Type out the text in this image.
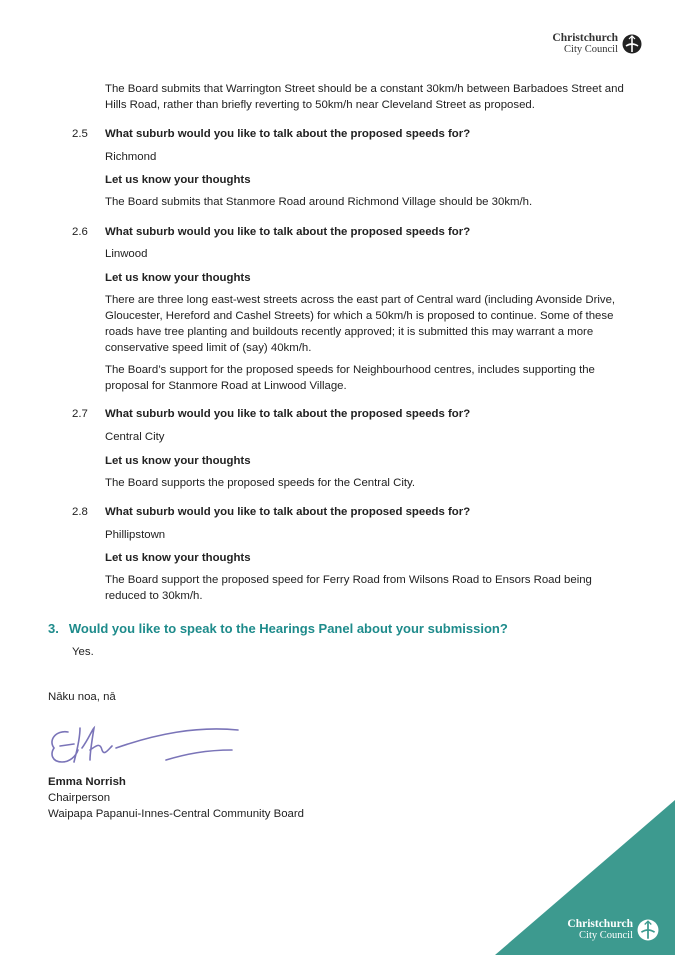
Christchurch
City Council

The Board submits that Warrington Street should be a constant 30km/h between Barbadoes Street and Hills Road, rather than briefly reverting to 50km/h near Cleveland Street as proposed.

2.5 What suburb would you like to talk about the proposed speeds for?

Richmond

Let us know your thoughts

The Board submits that Stanmore Road around Richmond Village should be 30km/h.

2.6 What suburb would you like to talk about the proposed speeds for?

Linwood

Let us know your thoughts

There are three long east-west streets across the east part of Central ward (including Avonside Drive, Gloucester, Hereford and Cashel Streets) for which a 50km/h is proposed to continue. Some of these roads have tree planting and buildouts recently approved; it is submitted this may warrant a more conservative speed limit of (say) 40km/h.

The Board’s support for the proposed speeds for Neighbourhood centres, includes supporting the proposal for Stanmore Road at Linwood Village.

2.7 What suburb would you like to talk about the proposed speeds for?

Central City

Let us know your thoughts

The Board supports the proposed speeds for the Central City.

2.8 What suburb would you like to talk about the proposed speeds for?

Phillipstown

Let us know your thoughts

The Board support the proposed speed for Ferry Road from Wilsons Road to Ensors Road being reduced to 30km/h.

3. Would you like to speak to the Hearings Panel about your submission?

Yes.

Nāku noa, nā

Emma Norrish

Chairperson

Waipapa Papanui-Innes-Central Community Board

Christchurch
City Council
